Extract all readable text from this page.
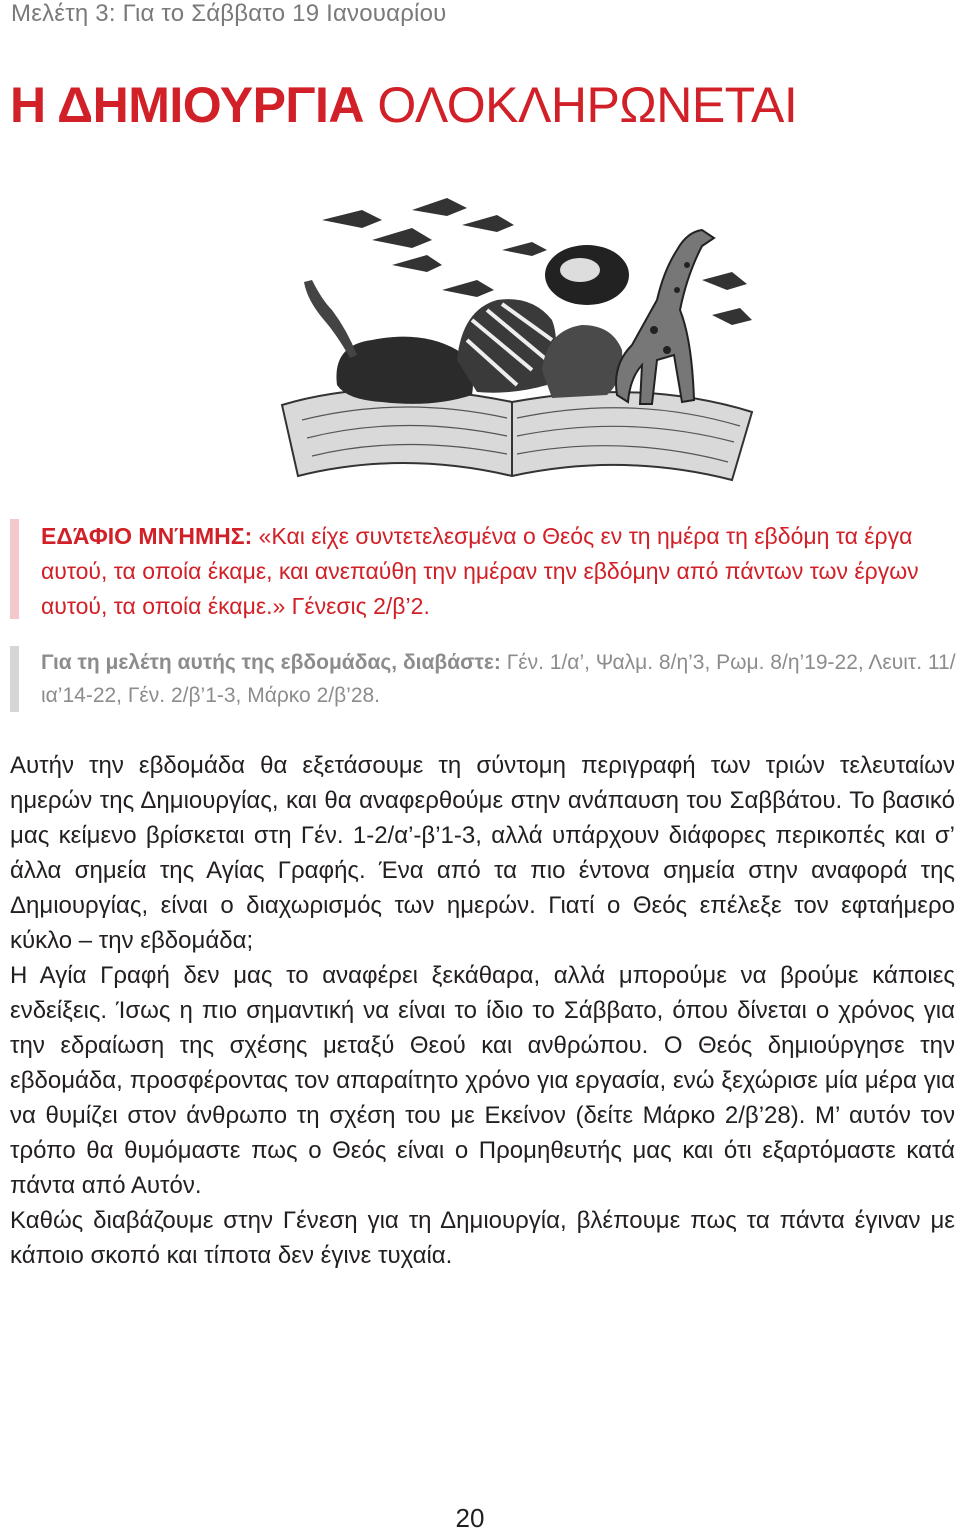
Μελέτη 3: Για το Σάββατο 19 Ιανουαρίου
Η ΔΗΜΙΟΥΡΓΙΑ ΟΛΟΚΛΗΡΩΝΕΤΑΙ
ΕΔΆΦΙΟ ΜΝΉΜΗΣ: «Και είχε συντετελεσμένα ο Θεός εν τη ημέρα τη εβδόμη τα έργα αυτού, τα οποία έκαμε, και ανεπαύθη την ημέραν την εβδόμην από πάντων των έργων αυτού, τα οποία έκαμε.» Γένεσις 2/β’2.
Για τη μελέτη αυτής της εβδομάδας, διαβάστε: Γέν. 1/α’, Ψαλμ. 8/η’3, Ρωμ. 8/η’19-22, Λευιτ. 11/ια’14-22, Γέν. 2/β’1-3, Μάρκο 2/β’28.

Αυτήν την εβδομάδα θα εξετάσουμε τη σύντομη περιγραφή των τριών τελευταίων ημερών της Δημιουργίας, και θα αναφερθούμε στην ανάπαυση του Σαββάτου. Το βασικό μας κείμενο βρίσκεται στη Γέν. 1-2/α’-β’1-3, αλλά υπάρχουν διάφορες περικοπές και σ’ άλλα σημεία της Αγίας Γραφής. Ένα από τα πιο έντονα σημεία στην αναφορά της Δημιουργίας, είναι ο διαχωρισμός των ημερών. Γιατί ο Θεός επέλεξε τον εφταήμερο κύκλο – την εβδομάδα;

Η Αγία Γραφή δεν μας το αναφέρει ξεκάθαρα, αλλά μπορούμε να βρούμε κάποιες ενδείξεις. Ίσως η πιο σημαντική να είναι το ίδιο το Σάββατο, όπου δίνεται ο χρόνος για την εδραίωση της σχέσης μεταξύ Θεού και ανθρώπου. Ο Θεός δημιούργησε την εβδομάδα, προσφέροντας τον απαραίτητο χρόνο για εργασία, ενώ ξεχώρισε μία μέρα για να θυμίζει στον άνθρωπο τη σχέση του με Εκείνον (δείτε Μάρκο 2/β’28). Μ’ αυτόν τον τρόπο θα θυμόμαστε πως ο Θεός είναι ο Προμηθευτής μας και ότι εξαρτόμαστε κατά πάντα από Αυτόν.

Καθώς διαβάζουμε στην Γένεση για τη Δημιουργία, βλέπουμε πως τα πάντα έγιναν με κάποιο σκοπό και τίποτα δεν έγινε τυχαία.

20
